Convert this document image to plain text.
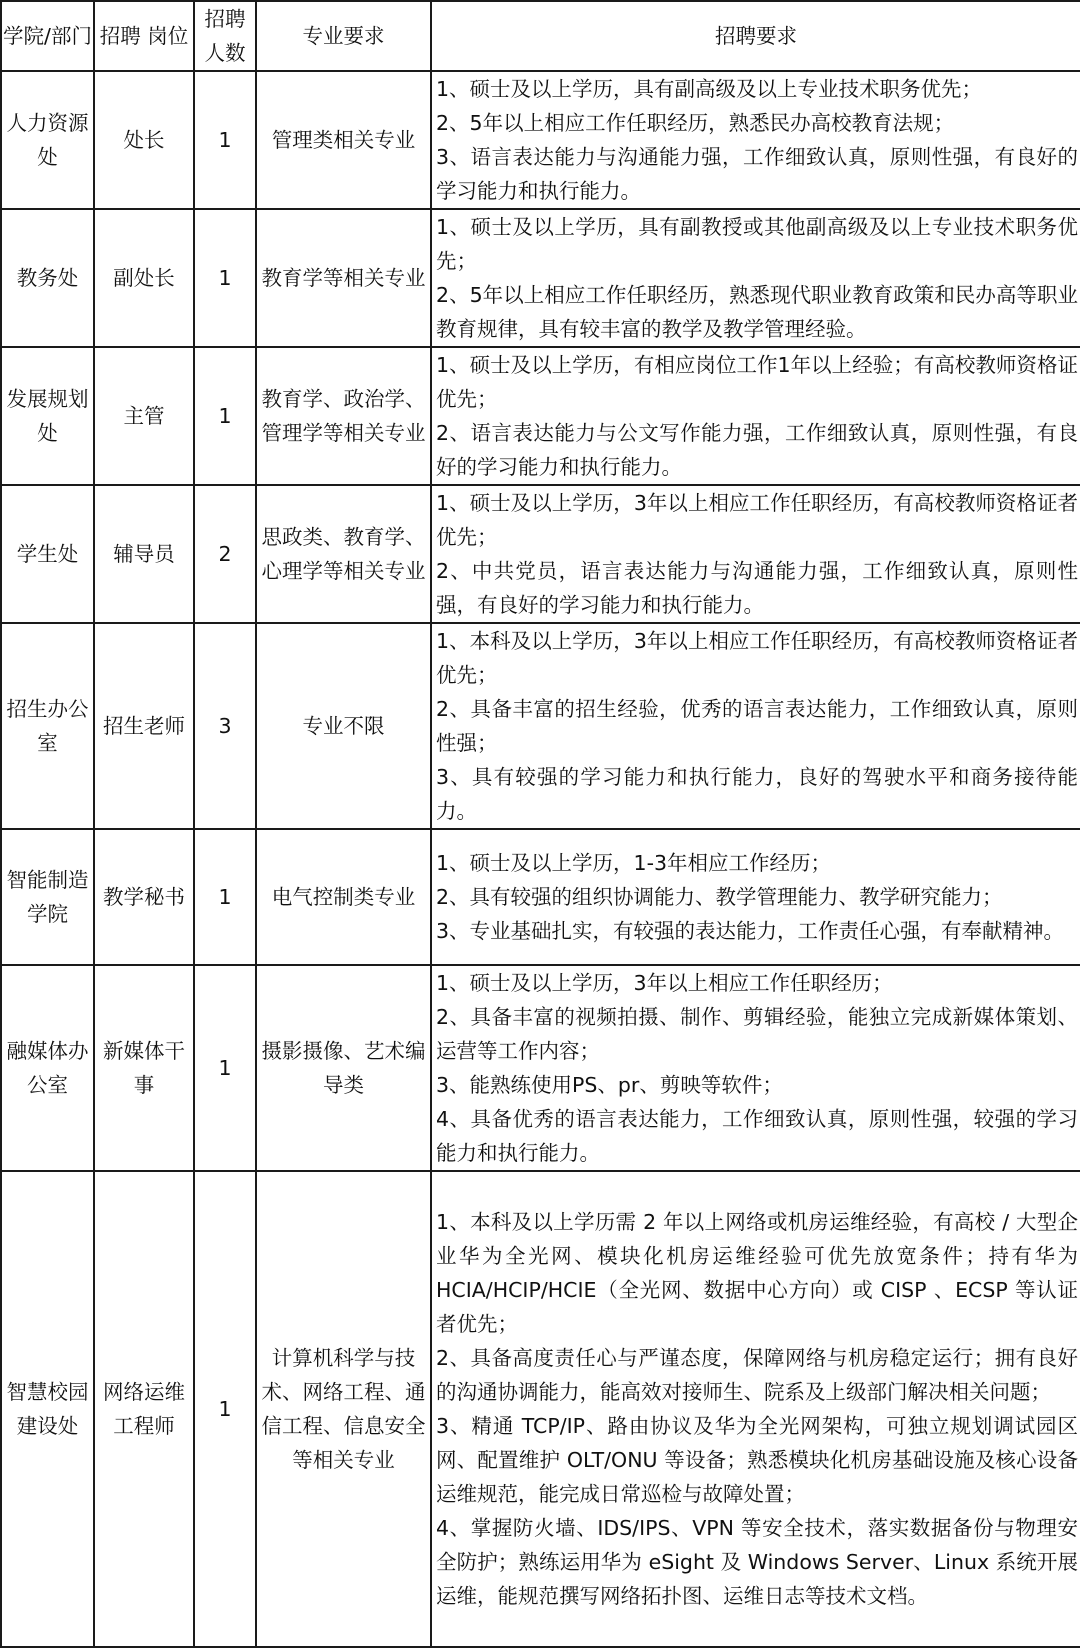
学院/部门	招聘 岗位	招聘人数	专业要求	招聘要求
人力资源处	处长	1	管理类相关专业	1、硕士及以上学历，具有副高级及以上专业技术职务优先；
2、5年以上相应工作任职经历，熟悉民办高校教育法规；
3、语言表达能力与沟通能力强，工作细致认真，原则性强，有良好的学习能力和执行能力。

教务处	副处长	1	教育学等相关专业	1、硕士及以上学历，具有副教授或其他副高级及以上专业技术职务优先；
2、5年以上相应工作任职经历，熟悉现代职业教育政策和民办高等职业教育规律，具有较丰富的教学及教学管理经验。

发展规划处	主管	1	教育学、政治学、管理学等相关专业	1、硕士及以上学历，有相应岗位工作1年以上经验；有高校教师资格证优先；
2、语言表达能力与公文写作能力强，工作细致认真，原则性强，有良好的学习能力和执行能力。

学生处	辅导员	2	思政类、教育学、心理学等相关专业	1、硕士及以上学历，3年以上相应工作任职经历，有高校教师资格证者优先；
2、中共党员，语言表达能力与沟通能力强，工作细致认真，原则性强，有良好的学习能力和执行能力。

招生办公室	招生老师	3	专业不限	1、本科及以上学历，3年以上相应工作任职经历，有高校教师资格证者优先；
2、具备丰富的招生经验，优秀的语言表达能力，工作细致认真，原则性强；
3、具有较强的学习能力和执行能力，良好的驾驶水平和商务接待能力。

智能制造学院	教学秘书	1	电气控制类专业	1、硕士及以上学历，1-3年相应工作经历；
2、具有较强的组织协调能力、教学管理能力、教学研究能力；
3、专业基础扎实，有较强的表达能力，工作责任心强，有奉献精神。

融媒体办公室	新媒体干事	1	摄影摄像、艺术编导类	1、硕士及以上学历，3年以上相应工作任职经历；
2、具备丰富的视频拍摄、制作、剪辑经验，能独立完成新媒体策划、运营等工作内容；
3、能熟练使用PS、pr、剪映等软件；
4、具备优秀的语言表达能力，工作细致认真，原则性强，较强的学习能力和执行能力。

智慧校园建设处	网络运维工程师	1	计算机科学与技术、网络工程、通信工程、信息安全等相关专业	1、本科及以上学历需 2 年以上网络或机房运维经验，有高校 / 大型企业华为全光网、模块化机房运维经验可优先放宽条件；持有华为 HCIA/HCIP/HCIE（全光网、数据中心方向）或 CISP 、ECSP 等认证者优先；
2、具备高度责任心与严谨态度，保障网络与机房稳定运行；拥有良好的沟通协调能力，能高效对接师生、院系及上级部门解决相关问题；
3、精通 TCP/IP、路由协议及华为全光网架构，可独立规划调试园区网、配置维护 OLT/ONU 等设备；熟悉模块化机房基础设施及核心设备运维规范，能完成日常巡检与故障处置；
4、掌握防火墙、IDS/IPS、VPN 等安全技术，落实数据备份与物理安全防护；熟练运用华为 eSight 及 Windows Server、Linux 系统开展运维，能规范撰写网络拓扑图、运维日志等技术文档。
